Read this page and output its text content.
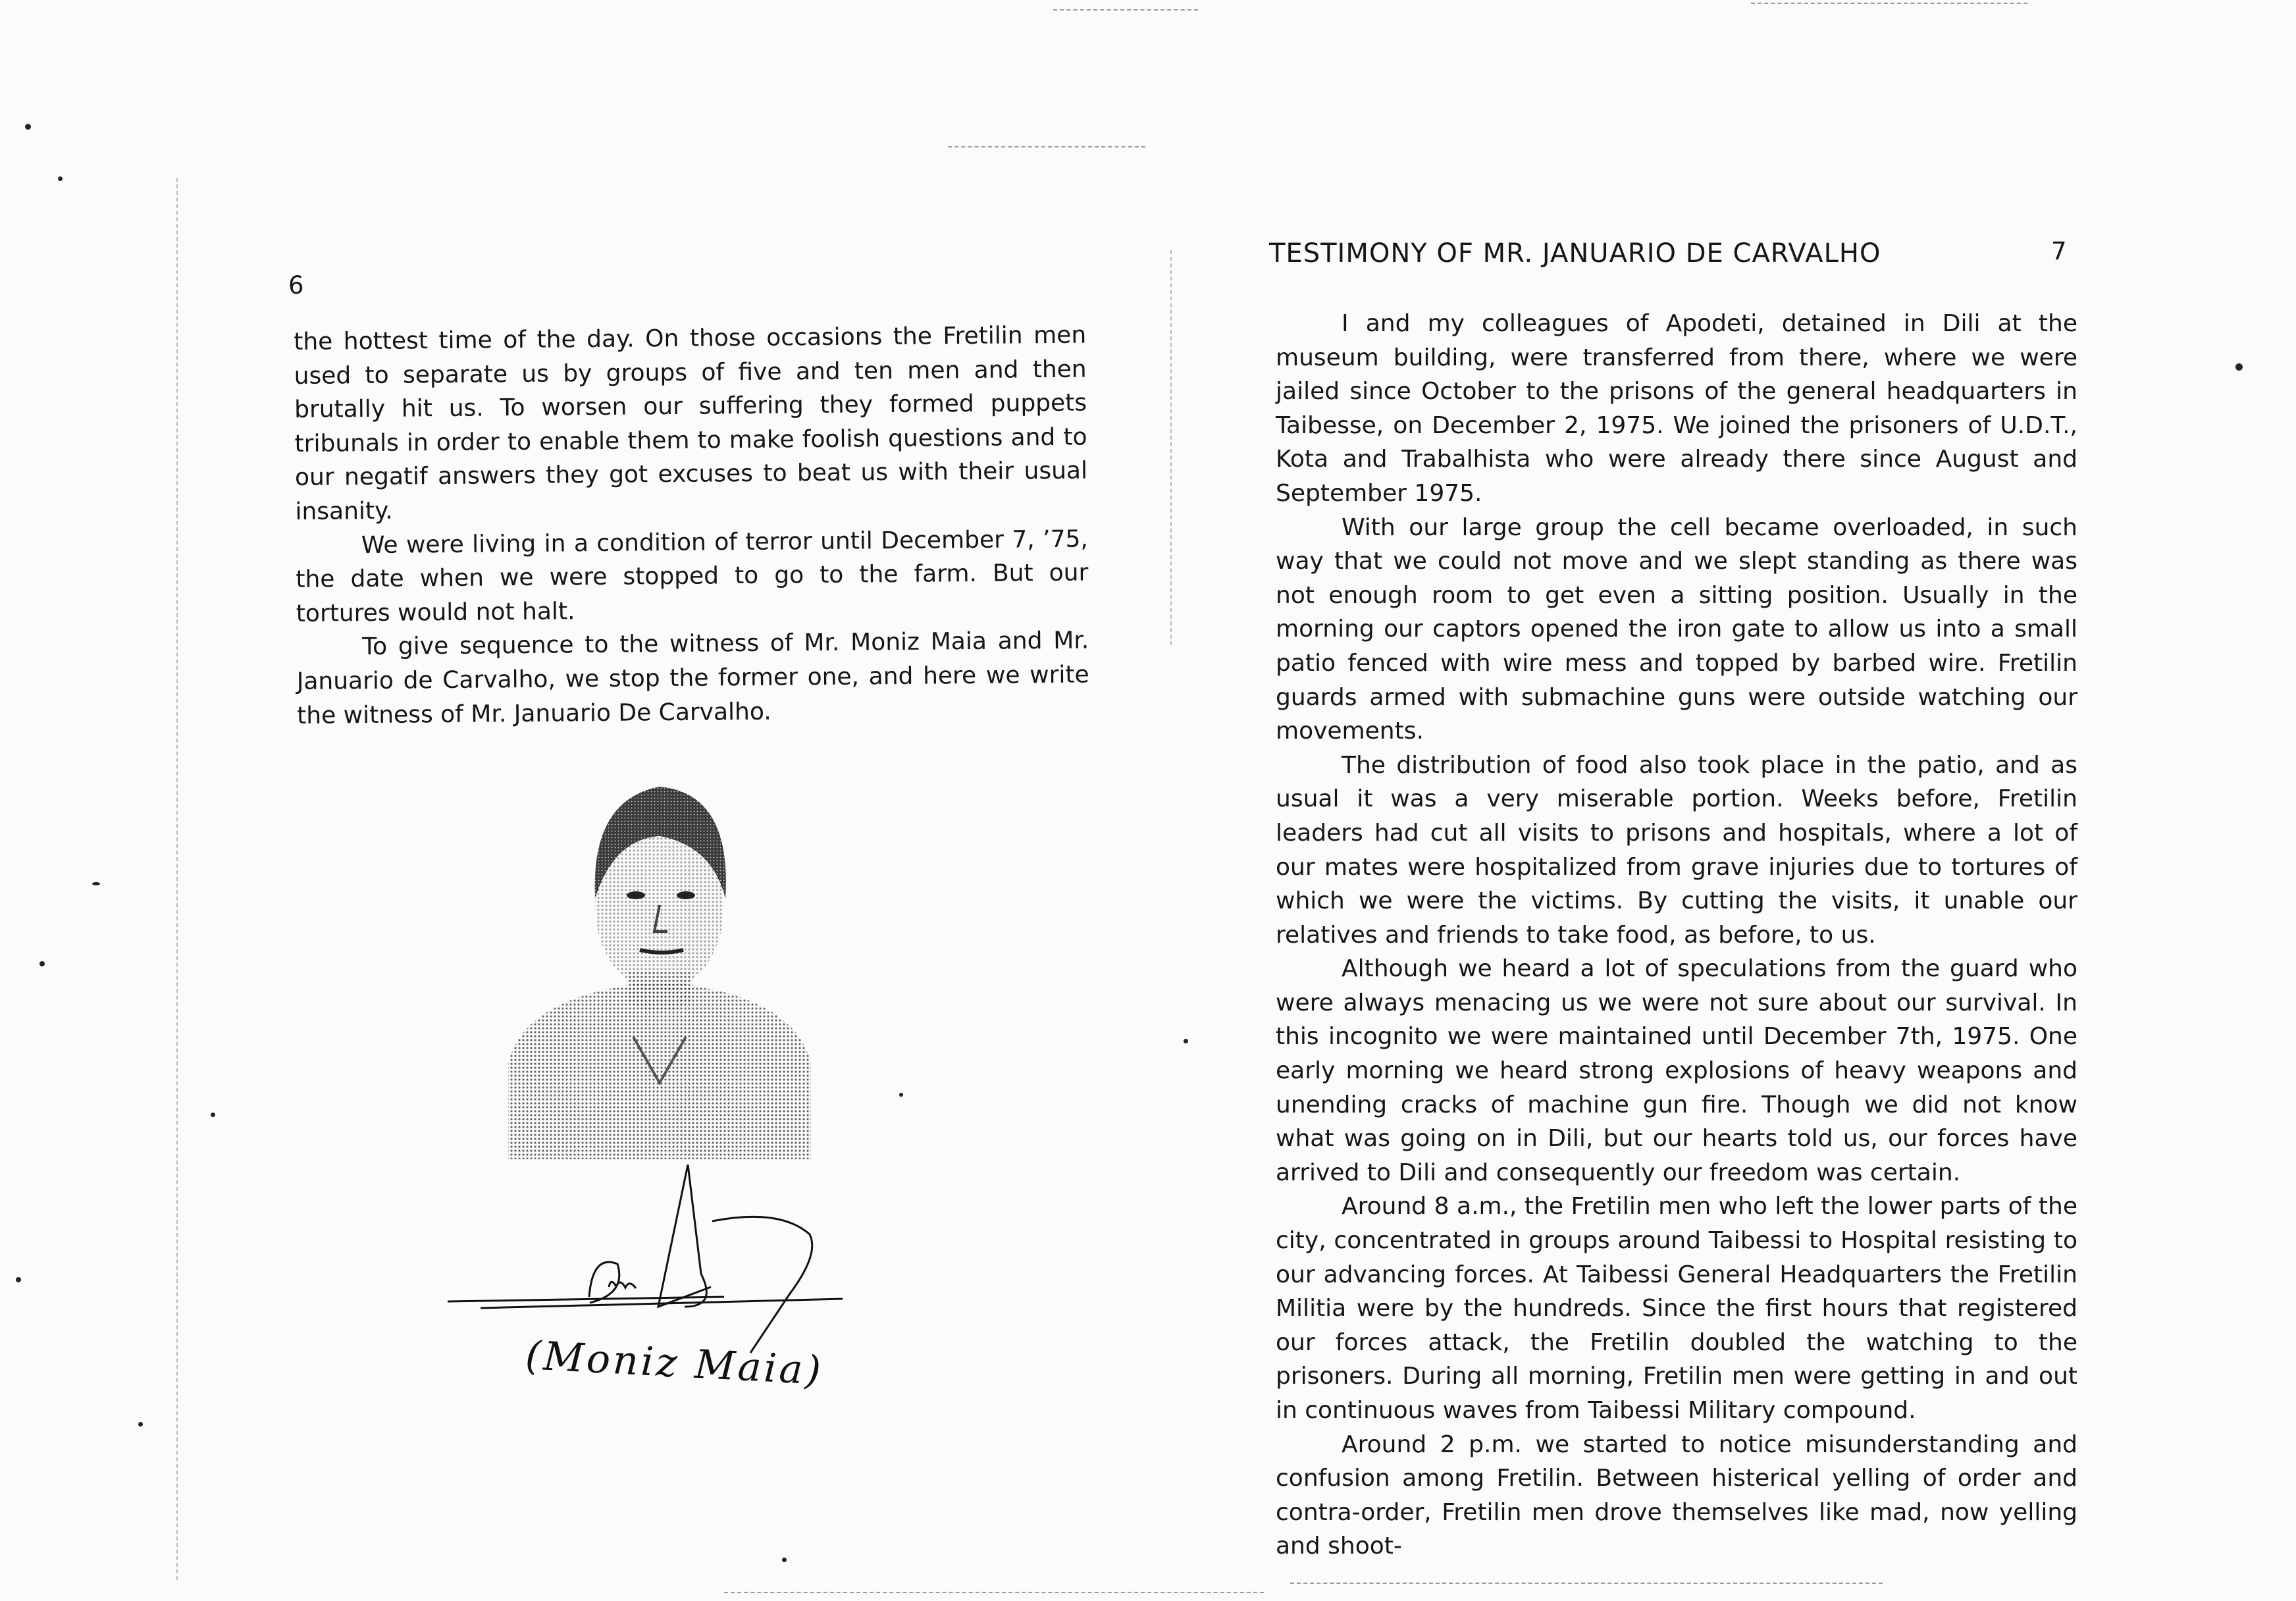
6

the hottest time of the day. On those occasions the Fretilin men used to separate us by groups of five and ten men and then brutally hit us. To worsen our suffering they formed puppets tribunals in order to enable them to make foolish questions and to our negatif answers they got excuses to beat us with their usual insanity.

We were living in a condition of terror until December 7, ’75, the date when we were stopped to go to the farm. But our tortures would not halt.

To give sequence to the witness of Mr. Moniz Maia and Mr. Januario de Carvalho, we stop the former one, and here we write the witness of Mr. Januario De Carvalho.

(Moniz Maia)
TESTIMONY OF MR. JANUARIO DE CARVALHO	7

I and my colleagues of Apodeti, detained in Dili at the museum building, were transferred from there, where we were jailed since October to the prisons of the general headquarters in Taibesse, on December 2, 1975. We joined the prisoners of U.D.T., Kota and Trabalhista who were already there since August and September 1975.

With our large group the cell became overloaded, in such way that we could not move and we slept standing as there was not enough room to get even a sitting position. Usually in the morning our captors opened the iron gate to allow us into a small patio fenced with wire mess and topped by barbed wire. Fretilin guards armed with submachine guns were outside watching our movements.

The distribution of food also took place in the patio, and as usual it was a very miserable portion. Weeks before, Fretilin leaders had cut all visits to prisons and hospitals, where a lot of our mates were hospitalized from grave injuries due to tortures of which we were the victims. By cutting the visits, it unable our relatives and friends to take food, as before, to us.

Although we heard a lot of speculations from the guard who were always menacing us we were not sure about our survival. In this incognito we were maintained until December 7th, 1975. One early morning we heard strong explosions of heavy weapons and unending cracks of machine gun fire. Though we did not know what was going on in Dili, but our hearts told us, our forces have arrived to Dili and consequently our freedom was certain.

Around 8 a.m., the Fretilin men who left the lower parts of the city, concentrated in groups around Taibessi to Hospital resisting to our advancing forces. At Taibessi General Headquarters the Fretilin Militia were by the hundreds. Since the first hours that registered our forces attack, the Fretilin doubled the watching to the prisoners. During all morning, Fretilin men were getting in and out in continuous waves from Taibessi Military compound.

Around 2 p.m. we started to notice misunderstanding and confusion among Fretilin. Between histerical yelling of order and contra-order, Fretilin men drove themselves like mad, now yelling and shoot-
